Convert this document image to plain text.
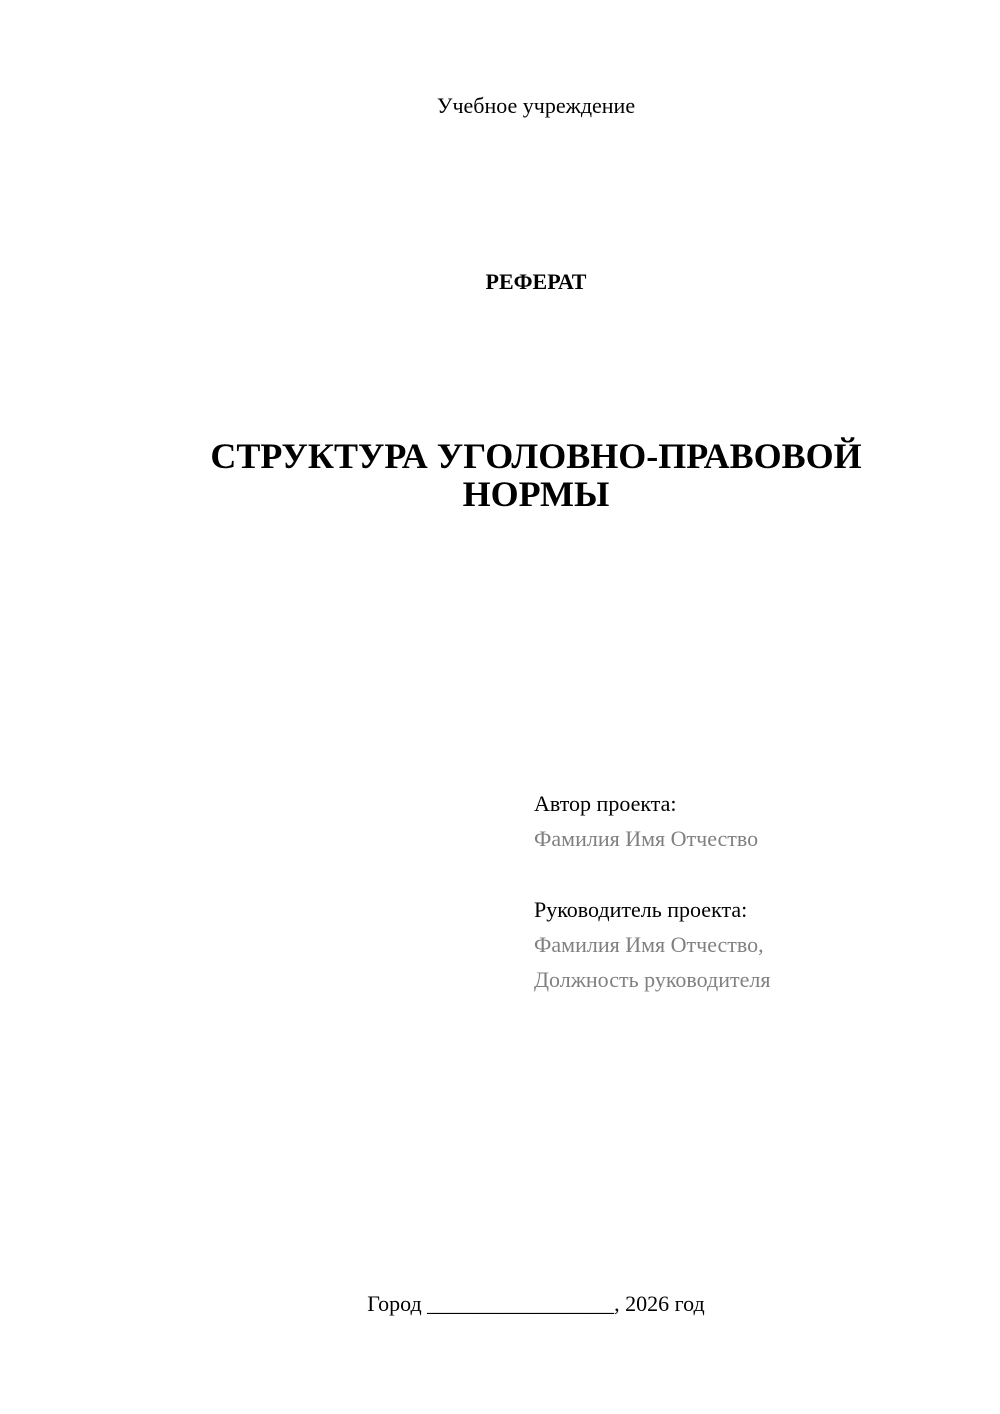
Учебное учреждение
РЕФЕРАТ
СТРУКТУРА УГОЛОВНО-ПРАВОВОЙ
НОРМЫ
Автор проекта:
Фамилия Имя Отчество
Руководитель проекта:
Фамилия Имя Отчество,
Должность руководителя
Город _________________, 2026 год
